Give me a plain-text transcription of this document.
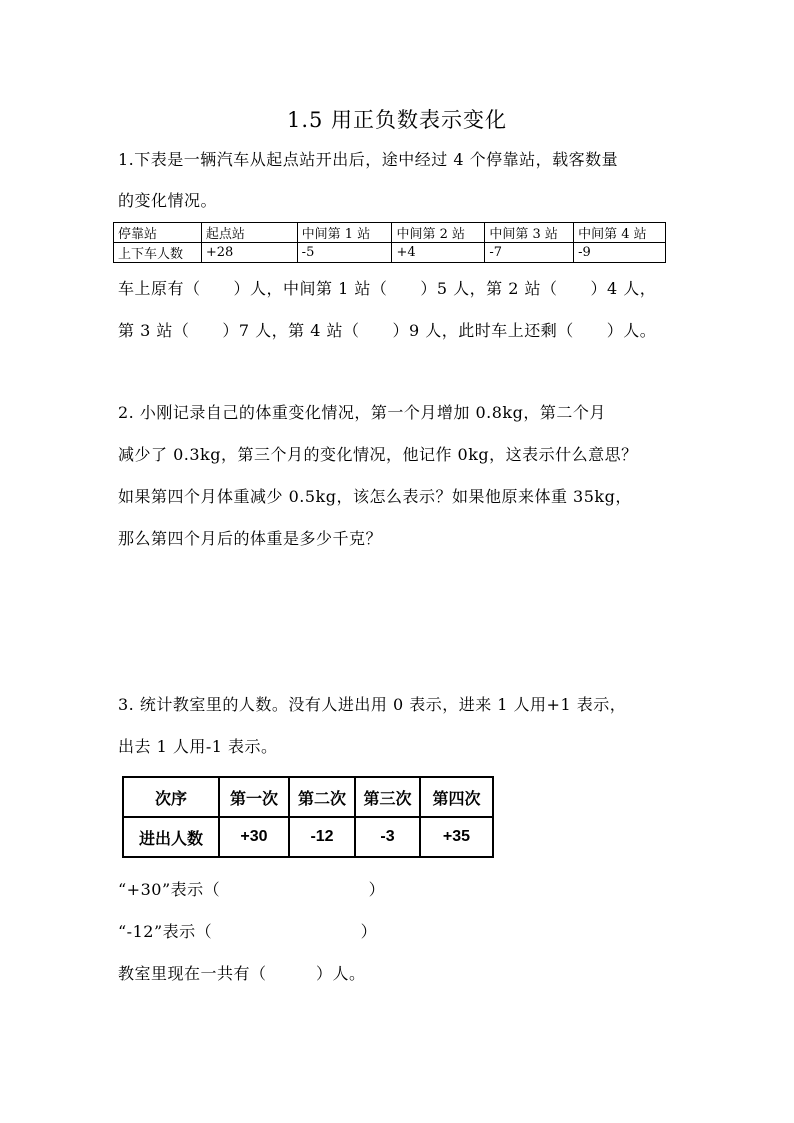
1.5 用正负数表示变化
1.下表是一辆汽车从起点站开出后，途中经过 4 个停靠站，载客数量
的变化情况。
停靠站	起点站	中间第 1 站	中间第 2 站	中间第 3 站	中间第 4 站
上下车人数	+28	-5	+4	-7	-9
车上原有（　　）人，中间第 1 站（　　）5 人，第 2 站（　　）4 人，
第 3 站（　　）7 人，第 4 站（　　）9 人，此时车上还剩（　　）人。
2. 小刚记录自己的体重变化情况，第一个月增加 0.8kg，第二个月
减少了 0.3kg，第三个月的变化情况，他记作 0kg，这表示什么意思？
如果第四个月体重减少 0.5kg，该怎么表示？如果他原来体重 35kg，
那么第四个月后的体重是多少千克？
3. 统计教室里的人数。没有人进出用 0 表示，进来 1 人用+1 表示，
出去 1 人用-1 表示。
次序	第一次	第二次	第三次	第四次
进出人数	+30	-12	-3	+35
“+30”表示（　　　　　　　　　）
“-12”表示（　　　　　　　　　）
教室里现在一共有（　　　）人。
